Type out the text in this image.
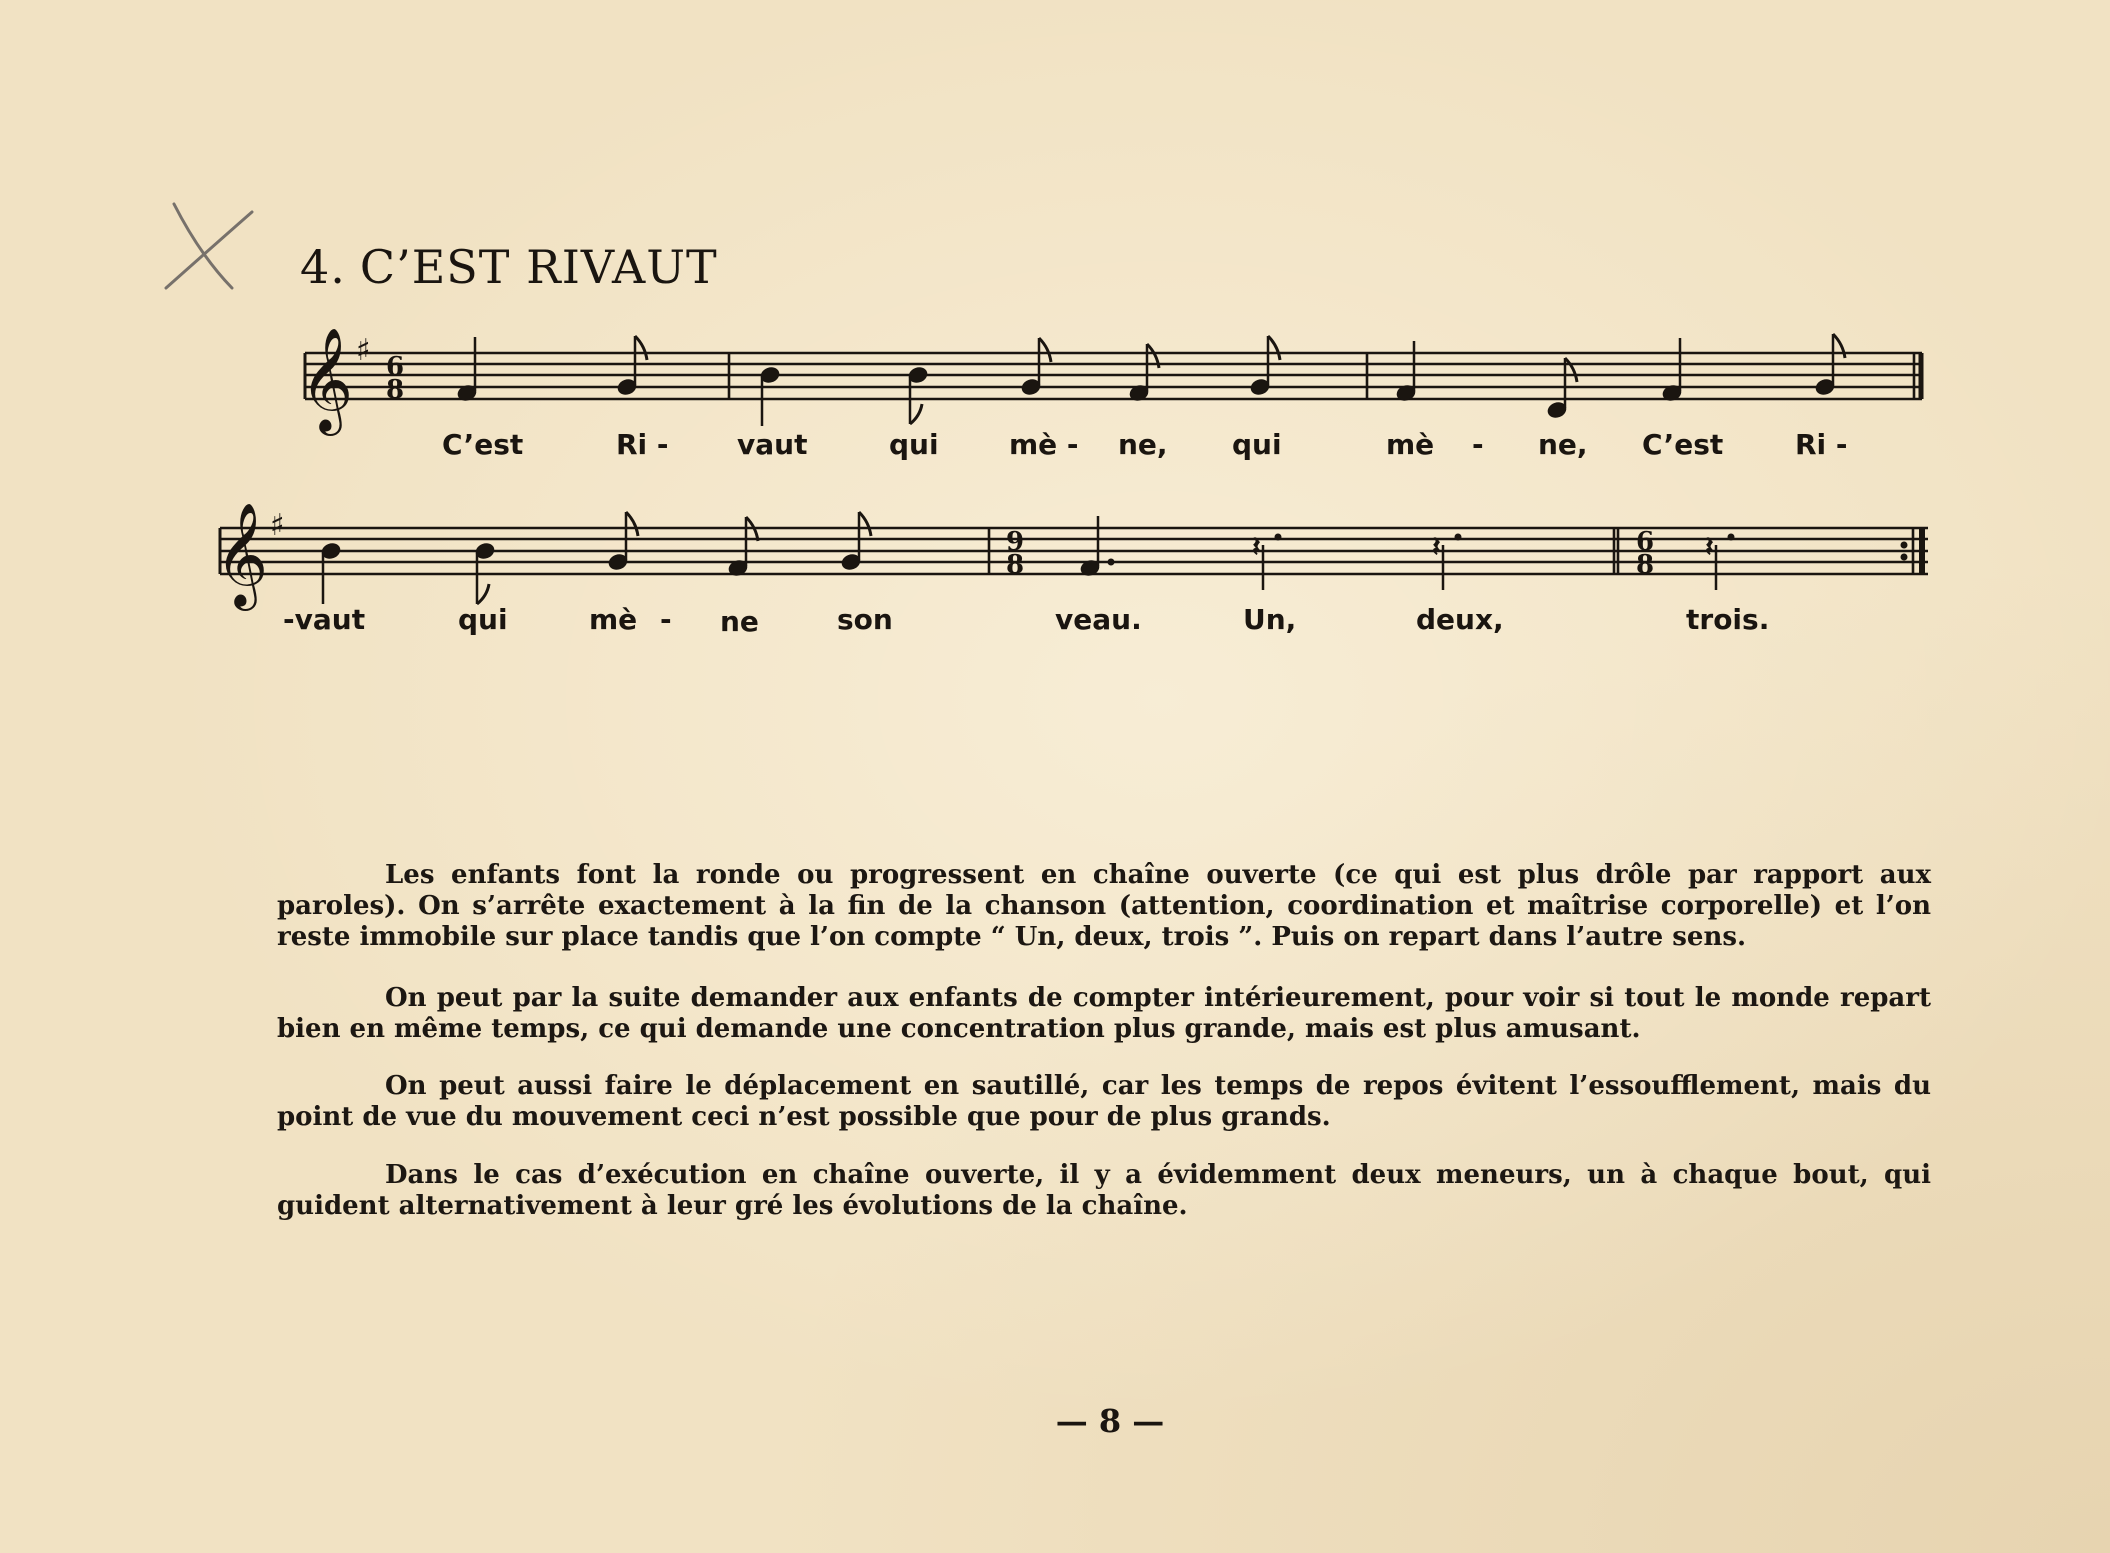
4. C’EST RIVAUT
𝄞 ♯ 6
8
𝄞 ♯	9
8
6
8
𝄽	𝄽	𝄽
C’est	Ri - vaut	qui	mè - ne, qui	mè - ne, C’est	Ri -
-vaut	qui	mè - ne	son	veau.	Un,	deux,	trois.

Les enfants font la ronde ou progressent en chaîne ouverte (ce qui est plus drôle par rapport aux paroles). On s’arrête exactement à la fin de la chanson (attention, coordination et maîtrise corporelle) et l’on reste immobile sur place tandis que l’on compte “ Un, deux, trois ”. Puis on repart dans l’autre sens.

On peut par la suite demander aux enfants de compter intérieurement, pour voir si tout le monde repart bien en même temps, ce qui demande une concentration plus grande, mais est plus amusant.

On peut aussi faire le déplacement en sautillé, car les temps de repos évitent l’essoufflement, mais du point de vue du mouvement ceci n’est possible que pour de plus grands.

Dans le cas d’exécution en chaîne ouverte, il y a évidemment deux meneurs, un à chaque bout, qui guident alternativement à leur gré les évolutions de la chaîne.

— 8 —
